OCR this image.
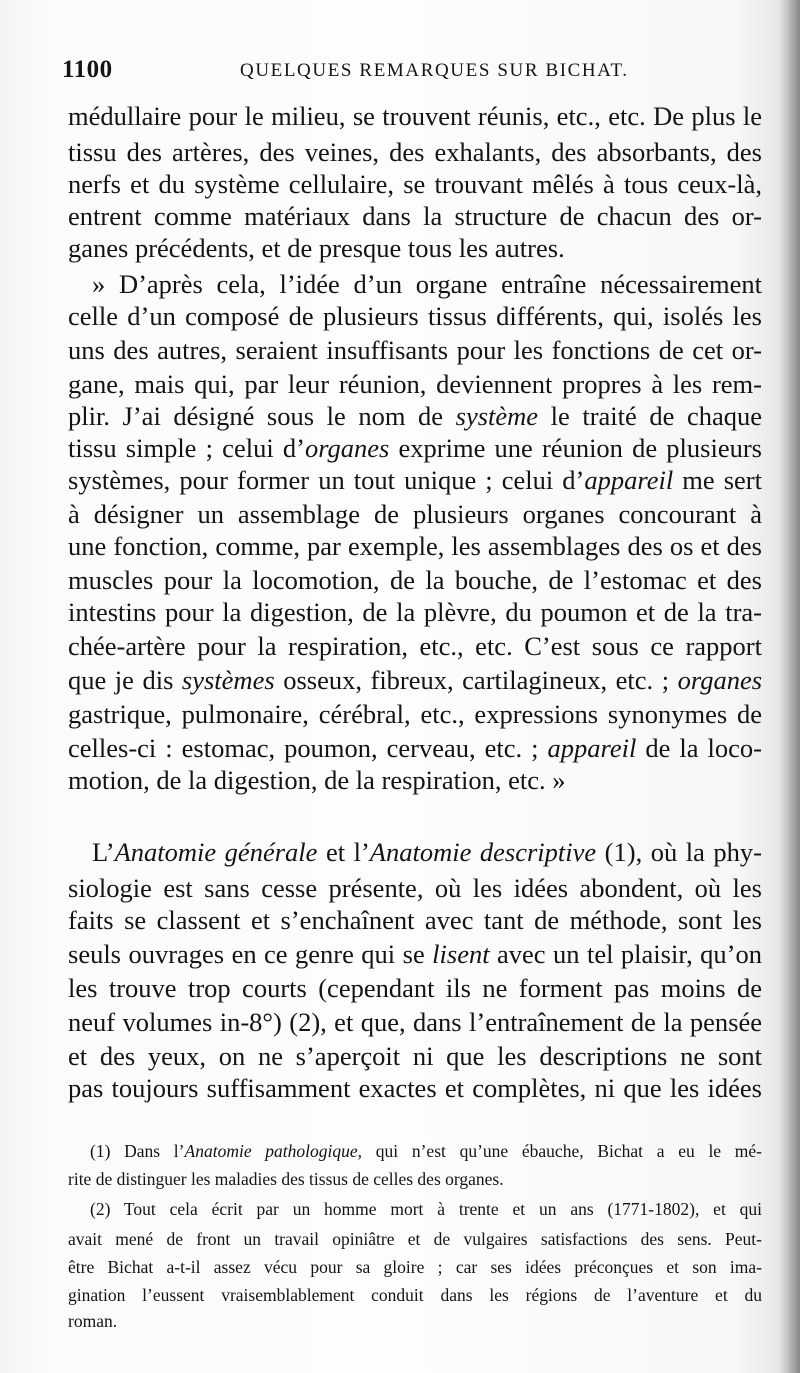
1100	QUELQUES REMARQUES SUR BICHAT.
médullaire pour le milieu, se trouvent réunis, etc., etc. De plus le
tissu des artères, des veines, des exhalants, des absorbants, des
nerfs et du système cellulaire, se trouvant mêlés à tous ceux-là,
entrent comme matériaux dans la structure de chacun des or-
ganes précédents, et de presque tous les autres.
» D’après cela, l’idée d’un organe entraîne nécessairement
celle d’un composé de plusieurs tissus différents, qui, isolés les
uns des autres, seraient insuffisants pour les fonctions de cet or-
gane, mais qui, par leur réunion, deviennent propres à les rem-
plir. J’ai désigné sous le nom de système le traité de chaque
tissu simple ; celui d’organes exprime une réunion de plusieurs
systèmes, pour former un tout unique ; celui d’appareil me sert
à désigner un assemblage de plusieurs organes concourant à
une fonction, comme, par exemple, les assemblages des os et des
muscles pour la locomotion, de la bouche, de l’estomac et des
intestins pour la digestion, de la plèvre, du poumon et de la tra-
chée-artère pour la respiration, etc., etc. C’est sous ce rapport
que je dis systèmes osseux, fibreux, cartilagineux, etc. ; organes
gastrique, pulmonaire, cérébral, etc., expressions synonymes de
celles-ci : estomac, poumon, cerveau, etc. ; appareil de la loco-
motion, de la digestion, de la respiration, etc. »
L’Anatomie générale et l’Anatomie descriptive (1), où la phy-
siologie est sans cesse présente, où les idées abondent, où les
faits se classent et s’enchaînent avec tant de méthode, sont les
seuls ouvrages en ce genre qui se lisent avec un tel plaisir, qu’on
les trouve trop courts (cependant ils ne forment pas moins de
neuf volumes in-8°) (2), et que, dans l’entraînement de la pensée
et des yeux, on ne s’aperçoit ni que les descriptions ne sont
pas toujours suffisamment exactes et complètes, ni que les idées
(1) Dans l’Anatomie pathologique, qui n’est qu’une ébauche, Bichat a eu le mé-
rite de distinguer les maladies des tissus de celles des organes.
(2) Tout cela écrit par un homme mort à trente et un ans (1771-1802), et qui
avait mené de front un travail opiniâtre et de vulgaires satisfactions des sens. Peut-
être Bichat a-t-il assez vécu pour sa gloire ; car ses idées préconçues et son ima-
gination l’eussent vraisemblablement conduit dans les régions de l’aventure et du
roman.
